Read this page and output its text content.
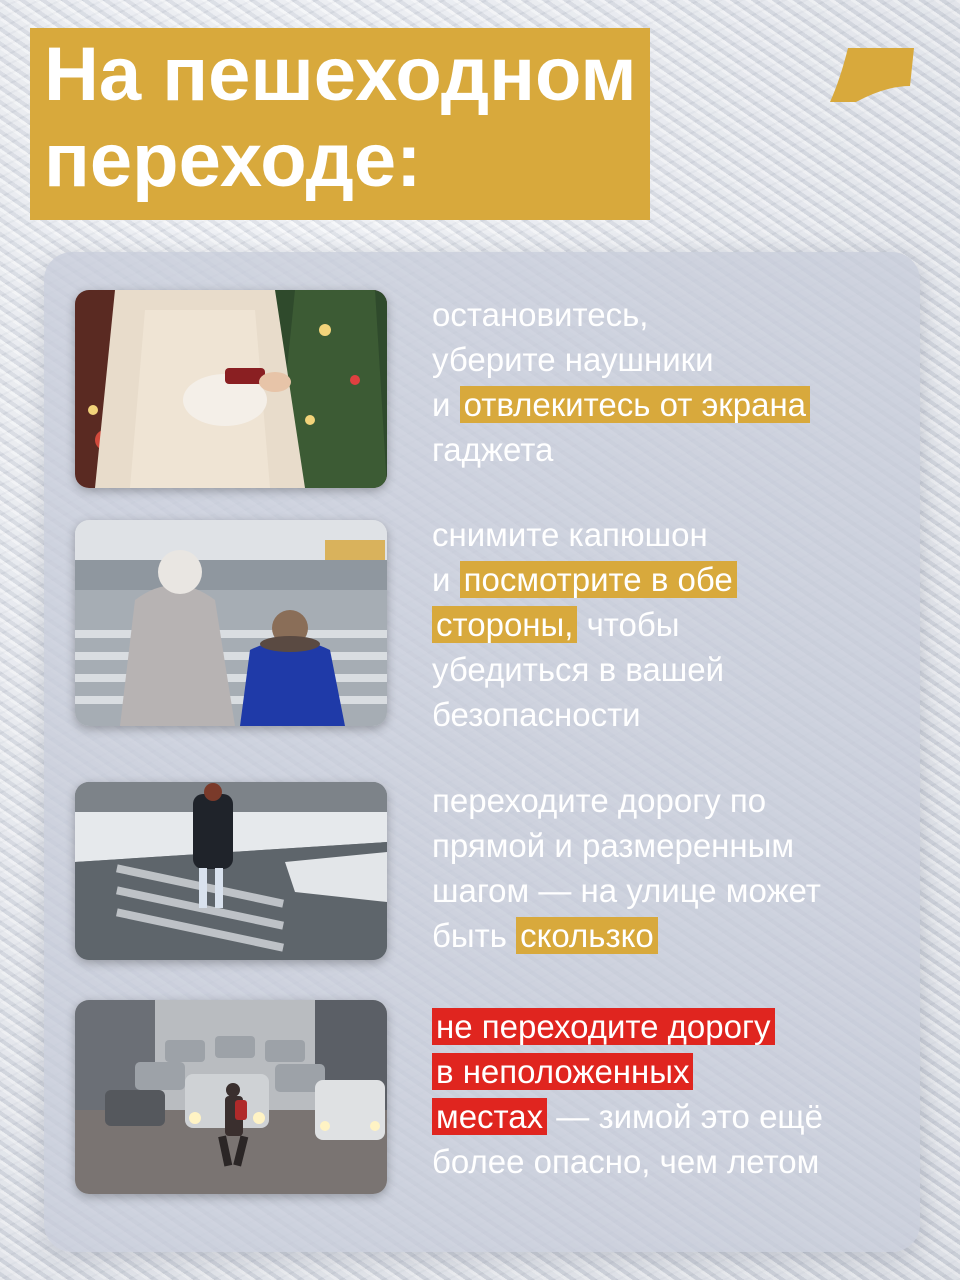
На пешеходном
переходе:
остановитесь,
уберите наушники
и отвлекитесь от экрана
гаджета
снимите капюшон
и посмотрите в обе
стороны, чтобы
убедиться в вашей
безопасности
переходите дорогу по
прямой и размеренным
шагом — на улице может
быть скользко
не переходите дорогу
в неположенных
местах — зимой это ещё
более опасно, чем летом
